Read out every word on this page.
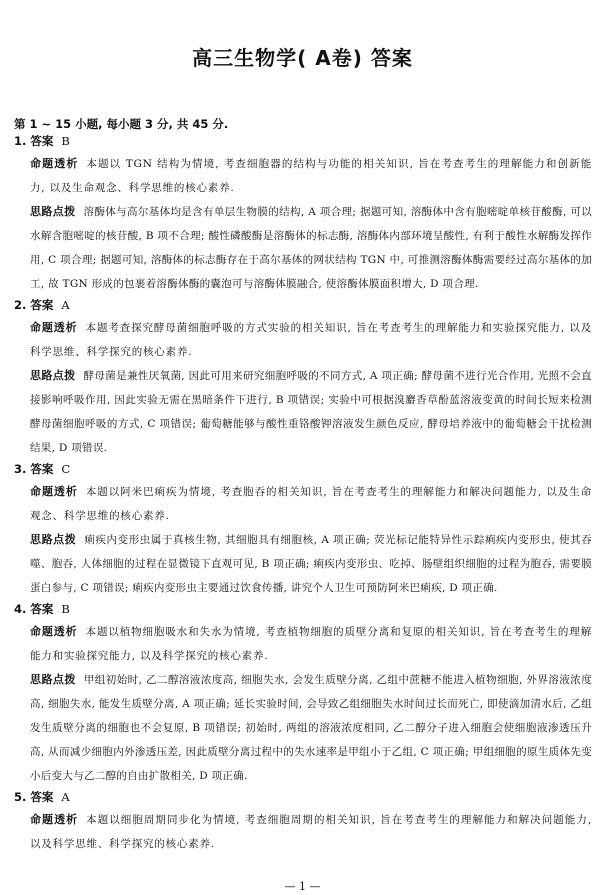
高三生物学( A卷) 答案
第 1 ~ 15 小题, 每小题 3 分, 共 45 分.
1. 答案 B

命题透析 本题以 TGN 结构为情境, 考查细胞器的结构与功能的相关知识, 旨在考查考生的理解能力和创新能力, 以及生命观念、科学思维的核心素养.

思路点拨 溶酶体与高尔基体均是含有单层生物膜的结构, A 项合理; 据题可知, 溶酶体中含有胞嘧啶单核苷酸酶, 可以水解含胞嘧啶的核苷酸, B 项不合理; 酸性磷酸酶是溶酶体的标志酶, 溶酶体内部环境呈酸性, 有利于酸性水解酶发挥作用, C 项合理; 据题可知, 溶酶体的标志酶存在于高尔基体的网状结构 TGN 中, 可推测溶酶体酶需要经过高尔基体的加工, 故 TGN 形成的包裹着溶酶体酶的囊泡可与溶酶体膜融合, 使溶酶体膜面积增大, D 项合理.

2. 答案 A

命题透析 本题考查探究酵母菌细胞呼吸的方式实验的相关知识, 旨在考查考生的理解能力和实验探究能力, 以及科学思维、科学探究的核心素养.

思路点拨 酵母菌是兼性厌氧菌, 因此可用来研究细胞呼吸的不同方式, A 项正确; 酵母菌不进行光合作用, 光照不会直接影响呼吸作用, 因此实验无需在黑暗条件下进行, B 项错误; 实验中可根据溴麝香草酚蓝溶液变黄的时间长短来检测酵母菌细胞呼吸的方式, C 项错误; 葡萄糖能够与酸性重铬酸钾溶液发生颜色反应, 酵母培养液中的葡萄糖会干扰检测结果, D 项错误.

3. 答案 C

命题透析 本题以阿米巴痢疾为情境, 考查胞吞的相关知识, 旨在考查考生的理解能力和解决问题能力, 以及生命观念、科学思维的核心素养.

思路点拨 痢疾内变形虫属于真核生物, 其细胞具有细胞核, A 项正确; 荧光标记能特异性示踪痢疾内变形虫, 使其吞噬、胞吞, 人体细胞的过程在显微镜下直观可见, B 项正确; 痢疾内变形虫、吃掉、肠壁组织细胞的过程为胞吞, 需要膜蛋白参与, C 项错误; 痢疾内变形虫主要通过饮食传播, 讲究个人卫生可预防阿米巴痢疾, D 项正确.

4. 答案 B

命题透析 本题以植物细胞吸水和失水为情境, 考查植物细胞的质壁分离和复原的相关知识, 旨在考查考生的理解能力和实验探究能力, 以及科学探究的核心素养.

思路点拨 甲组初始时, 乙二醇溶液浓度高, 细胞失水, 会发生质壁分离, 乙组中蔗糖不能进入植物细胞, 外界溶液浓度高, 细胞失水, 能发生质壁分离, A 项正确; 延长实验时间, 会导致乙组细胞失水时间过长而死亡, 即使滴加清水后, 乙组发生质壁分离的细胞也不会复原, B 项错误; 初始时, 两组的溶液浓度相同, 乙二醇分子进入细胞会使细胞液渗透压升高, 从而减少细胞内外渗透压差, 因此质壁分离过程中的失水速率是甲组小于乙组, C 项正确; 甲组细胞的原生质体先变小后变大与乙二醇的自由扩散相关, D 项正确.

5. 答案 A

命题透析 本题以细胞周期同步化为情境, 考查细胞周期的相关知识, 旨在考查考生的理解能力和解决问题能力, 以及科学思维、科学探究的核心素养.

— 1 —
